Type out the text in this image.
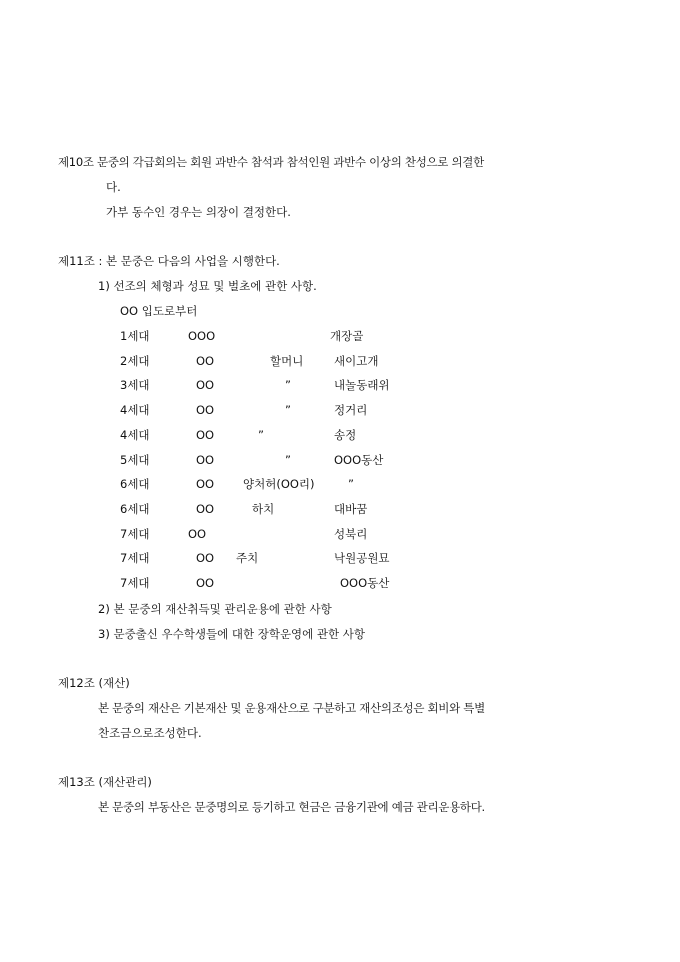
제10조 문중의 각급회의는 회원 과반수 참석과 참석인원 과반수 이상의 찬성으로 의결한
다.
가부 동수인 경우는 의장이 결정한다.
제11조 : 본 문중은 다음의 사업을 시행한다.
1) 선조의 체형과 성묘 및 벌초에 관한 사항.
OO 입도로부터
1세대	OOO	개장골
2세대	OO	할머니	새이고개
3세대	OO	”	내놀동래위
4세대	OO	”	정거리
4세대	OO	”	송정
5세대	OO	”	OOO동산
6세대	OO	양처허(OO리)	”
6세대	OO	하치	대바꿈
7세대	OO	성북리
7세대	OO 주치	낙원공원묘
7세대	OO	OOO동산
2) 본 문중의 재산취득및 관리운용에 관한 사항
3) 문중출신 우수학생들에 대한 장학운영에 관한 사항
제12조 (재산)
본 문중의 재산은 기본재산 및 운용재산으로 구분하고 재산의조성은 회비와 특별
찬조금으로조성한다.
제13조 (재산관리)
본 문중의 부동산은 문중명의로 등기하고 현금은 금융기관에 예금 관리운용하다.
